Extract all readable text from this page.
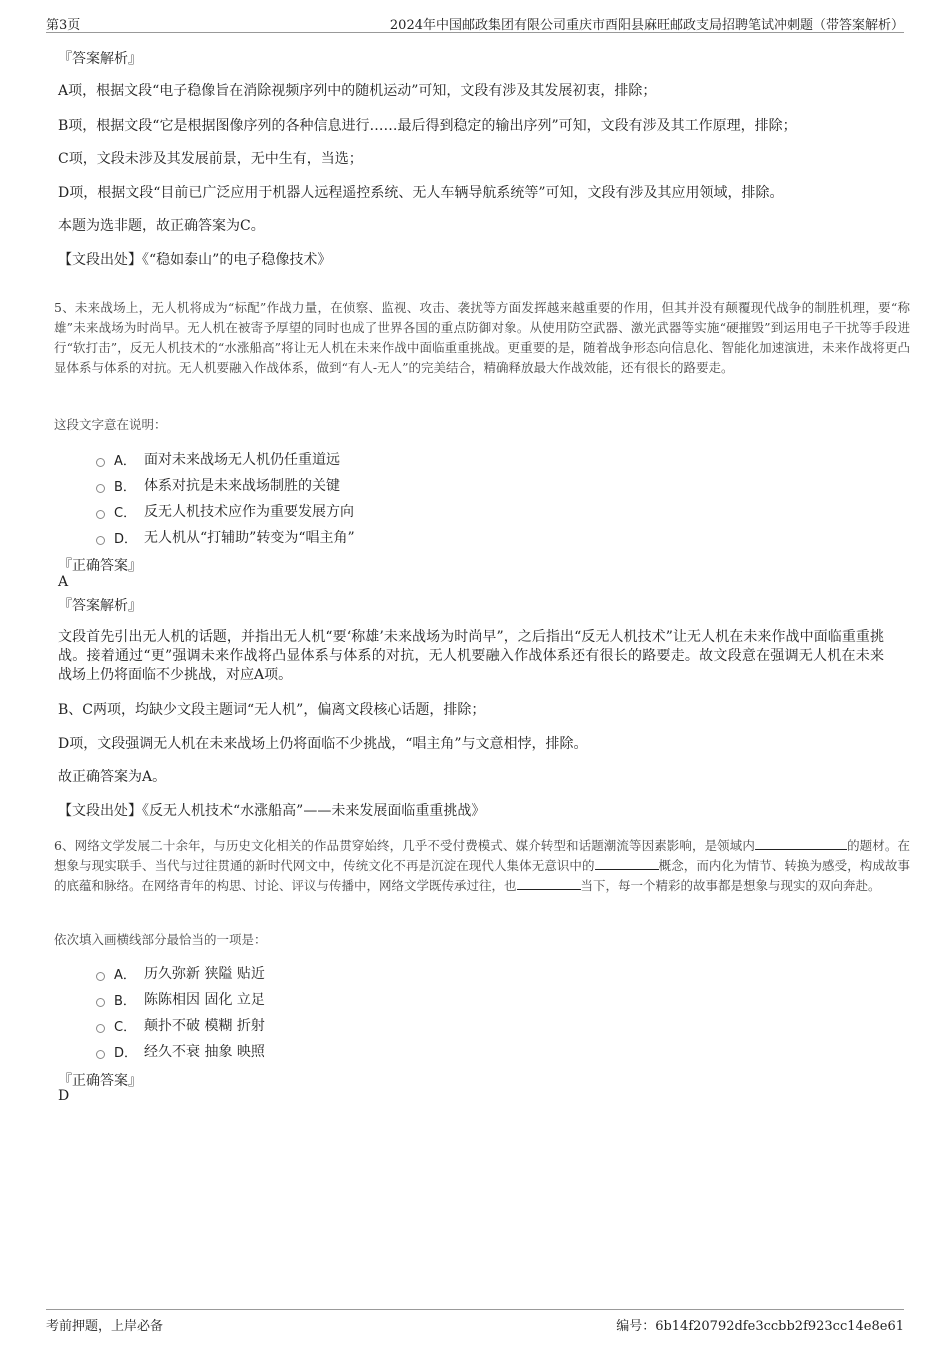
第3页	2024年中国邮政集团有限公司重庆市酉阳县麻旺邮政支局招聘笔试冲刺题（带答案解析）
『答案解析』
A项，根据文段“电子稳像旨在消除视频序列中的随机运动”可知，文段有涉及其发展初衷，排除；
B项，根据文段“它是根据图像序列的各种信息进行……最后得到稳定的输出序列”可知，文段有涉及其工作原理，排除；
C项，文段未涉及其发展前景，无中生有，当选；
D项，根据文段“目前已广泛应用于机器人远程遥控系统、无人车辆导航系统等”可知，文段有涉及其应用领域，排除。
本题为选非题，故正确答案为C。
【文段出处】《“稳如泰山”的电子稳像技术》
5、未来战场上，无人机将成为“标配”作战力量，在侦察、监视、攻击、袭扰等方面发挥越来越重要的作用，但其并没有颠覆现代战争的制胜机理，要“称雄”未来战场为时尚早。无人机在被寄予厚望的同时也成了世界各国的重点防御对象。从使用防空武器、激光武器等实施“硬摧毁”到运用电子干扰等手段进行“软打击”，反无人机技术的“水涨船高”将让无人机在未来作战中面临重重挑战。更重要的是，随着战争形态向信息化、智能化加速演进，未来作战将更凸显体系与体系的对抗。无人机要融入作战体系，做到“有人-无人”的完美结合，精确释放最大作战效能，还有很长的路要走。
这段文字意在说明：
A． 面对未来战场无人机仍任重道远
B． 体系对抗是未来战场制胜的关键
C． 反无人机技术应作为重要发展方向
D． 无人机从“打辅助”转变为“唱主角”
『正确答案』
A
『答案解析』
文段首先引出无人机的话题，并指出无人机“要‘称雄’未来战场为时尚早”，之后指出“反无人机技术”让无人机在未来作战中面临重重挑战。接着通过“更”强调未来作战将凸显体系与体系的对抗，无人机要融入作战体系还有很长的路要走。故文段意在强调无人机在未来战场上仍将面临不少挑战，对应A项。
B、C两项，均缺少文段主题词“无人机”，偏离文段核心话题，排除；
D项，文段强调无人机在未来战场上仍将面临不少挑战，“唱主角”与文意相悖，排除。
故正确答案为A。
【文段出处】《反无人机技术“水涨船高”——未来发展面临重重挑战》
6、网络文学发展二十余年，与历史文化相关的作品贯穿始终，几乎不受付费模式、媒介转型和话题潮流等因素影响，是领域内	的题材。在想象与现实联手、当代与过往贯通的新时代网文中，传统文化不再是沉淀在现代人集体无意识中的	概念，而内化为情节、转换为感受，构成故事的底蕴和脉络。在网络青年的构思、讨论、评议与传播中，网络文学既传承过往，也	当下，每一个精彩的故事都是想象与现实的双向奔赴。
依次填入画横线部分最恰当的一项是：
A． 历久弥新 狭隘 贴近
B． 陈陈相因 固化 立足
C． 颠扑不破 模糊 折射
D． 经久不衰 抽象 映照
『正确答案』
D
考前押题，上岸必备	编号：6b14f20792dfe3ccbb2f923cc14e8e61
